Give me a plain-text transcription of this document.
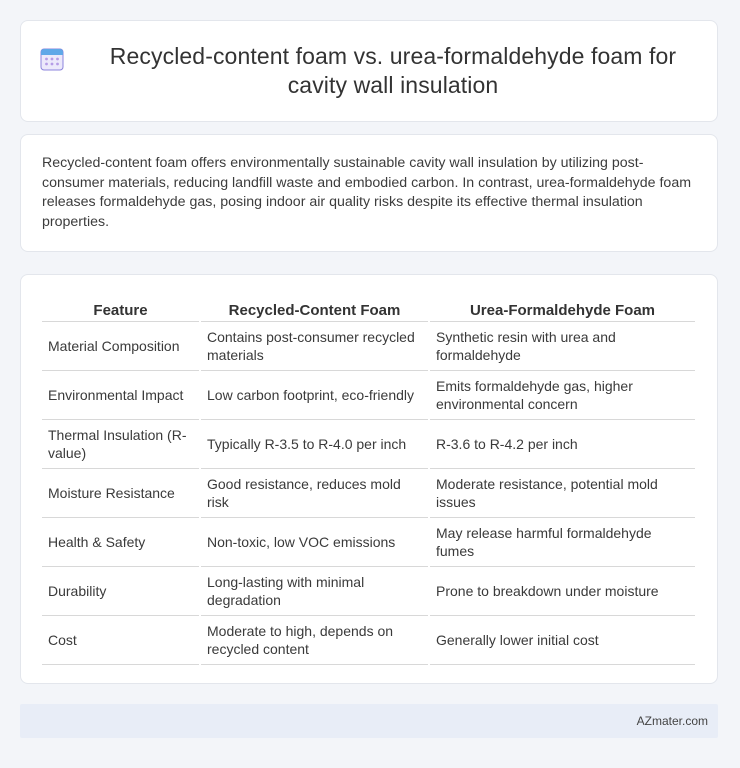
Recycled-content foam vs. urea-formaldehyde foam for cavity wall insulation

Recycled-content foam offers environmentally sustainable cavity wall insulation by utilizing post-consumer materials, reducing landfill waste and embodied carbon. In contrast, urea-formaldehyde foam releases formaldehyde gas, posing indoor air quality risks despite its effective thermal insulation properties.

Feature	Recycled-Content Foam	Urea-Formaldehyde Foam
Material Composition	Contains post-consumer recycled materials	Synthetic resin with urea and formaldehyde
Environmental Impact	Low carbon footprint, eco-friendly	Emits formaldehyde gas, higher environmental concern
Thermal Insulation (R-value)	Typically R-3.5 to R-4.0 per inch	R-3.6 to R-4.2 per inch
Moisture Resistance	Good resistance, reduces mold risk	Moderate resistance, potential mold issues
Health & Safety	Non-toxic, low VOC emissions	May release harmful formaldehyde fumes
Durability	Long-lasting with minimal degradation	Prone to breakdown under moisture
Cost	Moderate to high, depends on recycled content	Generally lower initial cost
AZmater.com
